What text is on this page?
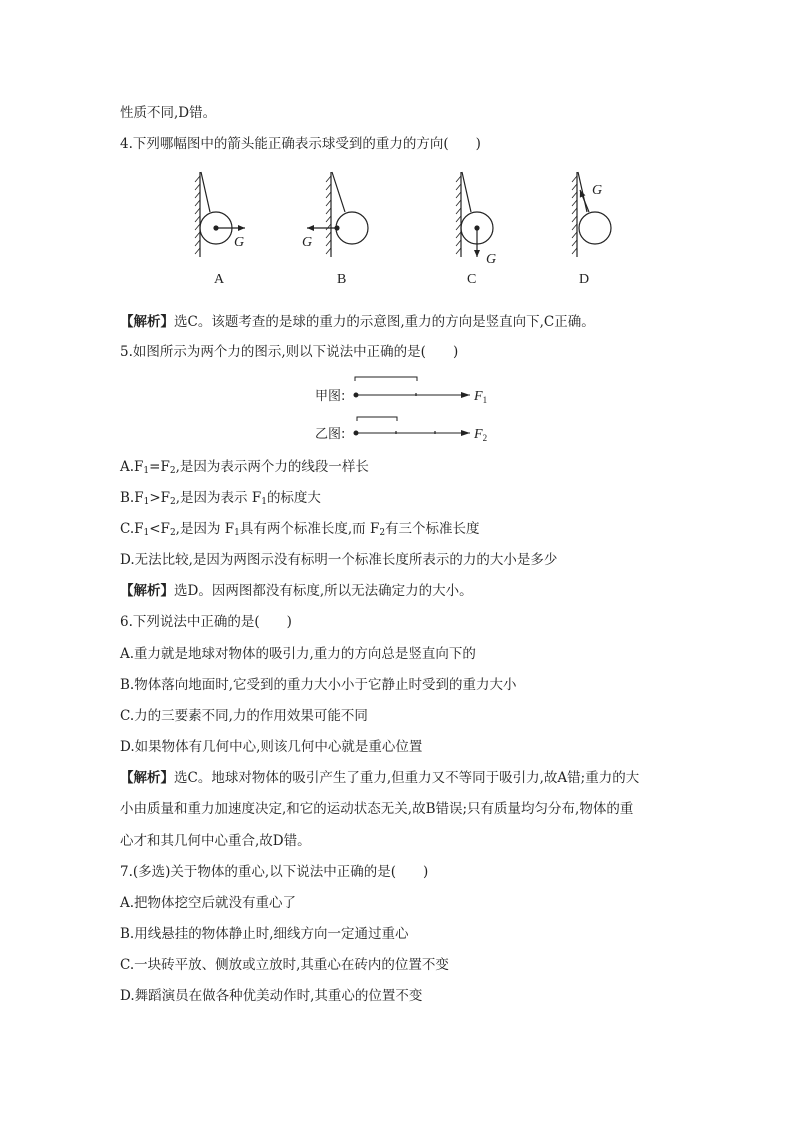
性质不同,D错。
4.下列哪幅图中的箭头能正确表示球受到的重力的方向(　　)
G	G
G
G
A	B	C	D
【解析】选C。该题考查的是球的重力的示意图,重力的方向是竖直向下,C正确。
5.如图所示为两个力的图示,则以下说法中正确的是(　　)
甲图:
乙图:
$F_1$
$F_2$
$A.F_1=F_2$,是因为表示两个力的线段一样长
$B.F_1>F_2$,是因为表示 $F_1$的标度大
$C.F_1<F_2$,是因为 $F_1$具有两个标准长度,而 $F_2$有三个标准长度
D.无法比较,是因为两图示没有标明一个标准长度所表示的力的大小是多少
【解析】选D。因两图都没有标度,所以无法确定力的大小。
6.下列说法中正确的是(　　)
A.重力就是地球对物体的吸引力,重力的方向总是竖直向下的
B.物体落向地面时,它受到的重力大小小于它静止时受到的重力大小
C.力的三要素不同,力的作用效果可能不同
D.如果物体有几何中心,则该几何中心就是重心位置
【解析】选C。地球对物体的吸引产生了重力,但重力又不等同于吸引力,故A错;重力的大
小由质量和重力加速度决定,和它的运动状态无关,故B错误;只有质量均匀分布,物体的重
心才和其几何中心重合,故D错。
7.(多选)关于物体的重心,以下说法中正确的是(　　)
A.把物体挖空后就没有重心了
B.用线悬挂的物体静止时,细线方向一定通过重心
C.一块砖平放、侧放或立放时,其重心在砖内的位置不变
D.舞蹈演员在做各种优美动作时,其重心的位置不变
